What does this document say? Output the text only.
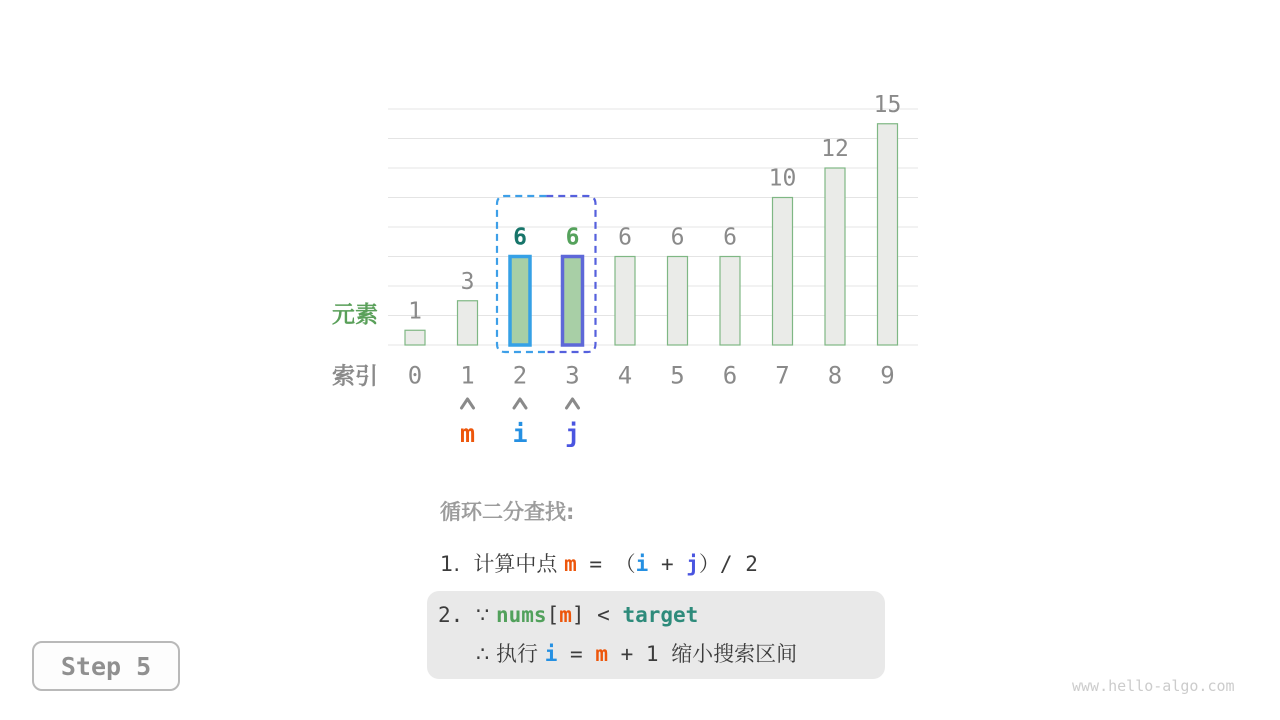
1
0
3
1
6
2
6
3
6
4
6
5
6
6
10
7
12
8
15
9
元素
索引
m i j
循环二分查找:
1.  计算中点 m = （i + j）/ 2
2. ∵ nums[m] < target
∴ 执行 i = m + 1 缩小搜索区间
Step 5
www.hello-algo.com
